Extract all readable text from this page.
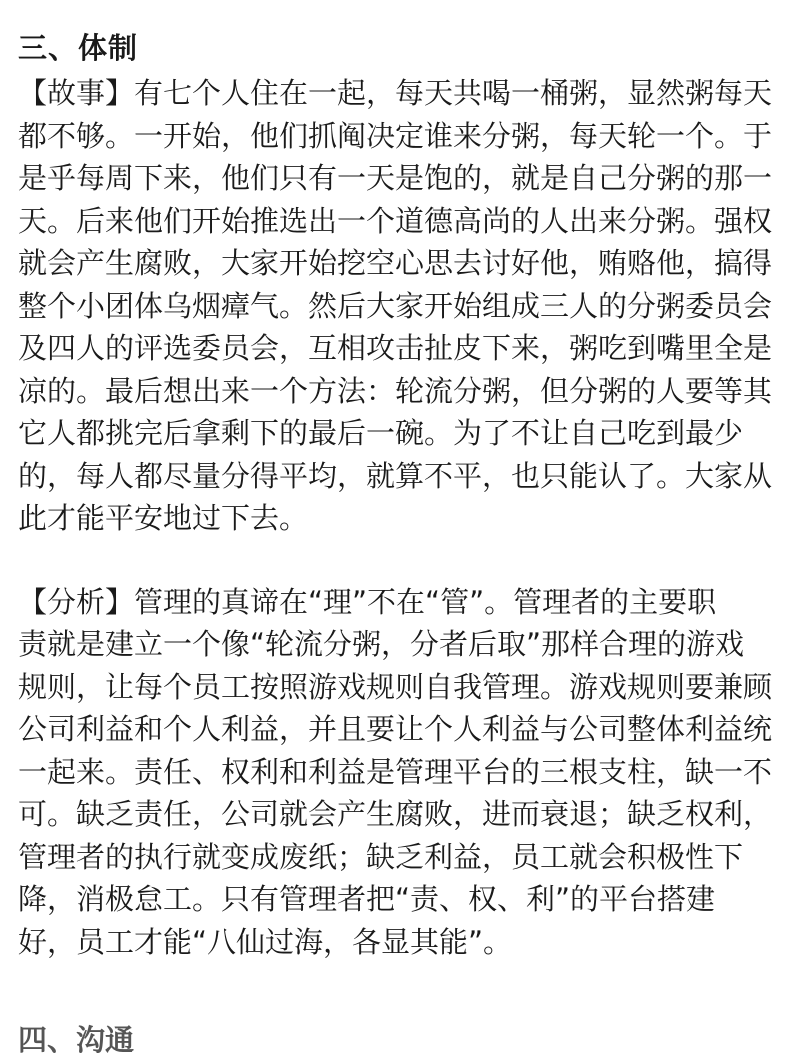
三、体制

【故事】有七个人住在一起，每天共喝一桶粥，显然粥每天
都不够。一开始，他们抓阄决定谁来分粥，每天轮一个。于
是乎每周下来，他们只有一天是饱的，就是自己分粥的那一
天。后来他们开始推选出一个道德高尚的人出来分粥。强权
就会产生腐败，大家开始挖空心思去讨好他，贿赂他，搞得
整个小团体乌烟瘴气。然后大家开始组成三人的分粥委员会
及四人的评选委员会，互相攻击扯皮下来，粥吃到嘴里全是
凉的。最后想出来一个方法：轮流分粥，但分粥的人要等其
它人都挑完后拿剩下的最后一碗。为了不让自己吃到最少
的，每人都尽量分得平均，就算不平，也只能认了。大家从
此才能平安地过下去。

【分析】管理的真谛在“理”不在“管”。管理者的主要职
责就是建立一个像“轮流分粥，分者后取”那样合理的游戏
规则，让每个员工按照游戏规则自我管理。游戏规则要兼顾
公司利益和个人利益，并且要让个人利益与公司整体利益统
一起来。责任、权利和利益是管理平台的三根支柱，缺一不
可。缺乏责任，公司就会产生腐败，进而衰退；缺乏权利，
管理者的执行就变成废纸；缺乏利益，员工就会积极性下
降，消极怠工。只有管理者把“责、权、利”的平台搭建
好，员工才能“八仙过海，各显其能”。

四、沟通
